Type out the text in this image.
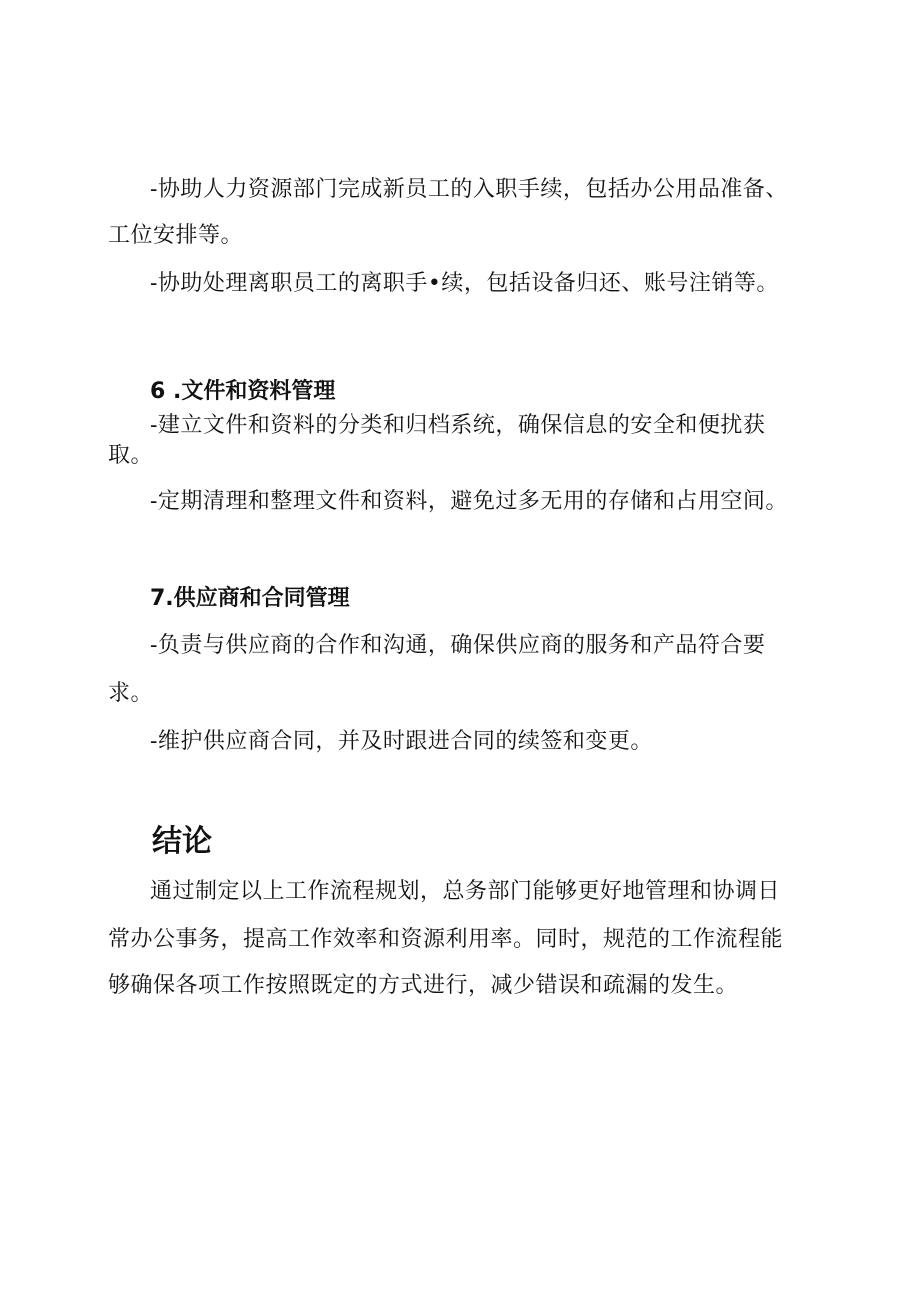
-协助人力资源部门完成新员工的入职手续，包括办公用品准备、

工位安排等。

-协助处理离职员工的离职手•续，包括设备归还、账号注销等。

6 .文件和资料管理

-建立文件和资料的分类和归档系统，确保信息的安全和便扰获

取。

-定期清理和整理文件和资料，避免过多无用的存储和占用空间。

7.供应商和合同管理

-负责与供应商的合作和沟通，确保供应商的服务和产品符合要

求。

-维护供应商合同，并及时跟进合同的续签和变更。

结论

通过制定以上工作流程规划，总务部门能够更好地管理和协调日

常办公事务，提高工作效率和资源利用率。同时，规范的工作流程能

够确保各项工作按照既定的方式进行，减少错误和疏漏的发生。
